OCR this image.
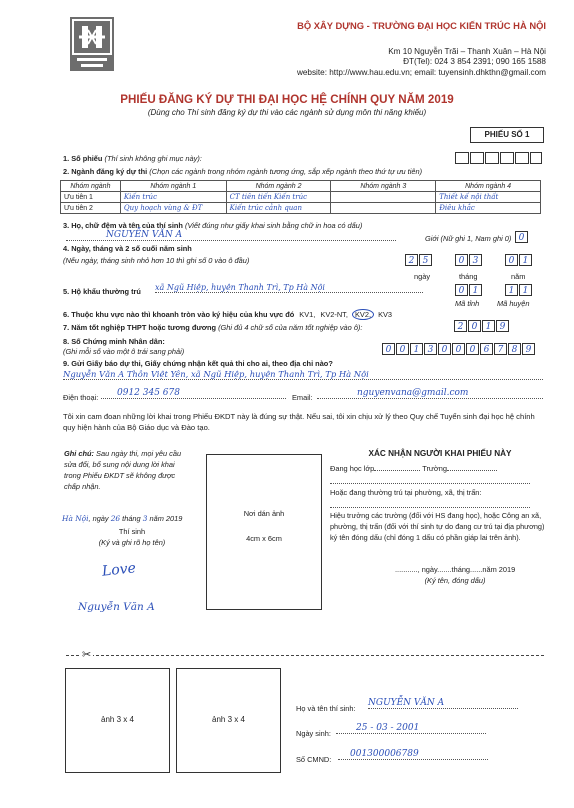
BỘ XÂY DỰNG - TRƯỜNG ĐẠI HỌC KIẾN TRÚC HÀ NỘI
Km 10 Nguyễn Trãi – Thanh Xuân – Hà Nội
ĐT(Tel): 024 3 854 2391; 090 165 1588
website: http://www.hau.edu.vn; email: tuyensinh.dhkthn@gmail.com
PHIẾU ĐĂNG KÝ DỰ THI ĐẠI HỌC HỆ CHÍNH QUY NĂM 2019
(Dùng cho Thí sinh đăng ký dự thi vào các ngành sử dụng môn thi năng khiếu)
PHIẾU SỐ 1
1. Số phiếu (Thí sinh không ghi mục này):
2. Ngành đăng ký dự thi (Chọn các ngành trong nhóm ngành tương ứng, sắp xếp ngành theo thứ tự ưu tiên)
Nhóm ngành	Nhóm ngành 1	Nhóm ngành 2	Nhóm ngành 3	Nhóm ngành 4
Ưu tiên 1	Kiến trúc	CT tiên tiến Kiến trúc		Thiết kế nội thất
Ưu tiên 2	Quy hoạch vùng & ĐT	Kiến trúc cảnh quan		Điêu khắc
3. Họ, chữ đệm và tên của thí sinh (Viết đúng như giấy khai sinh bằng chữ in hoa có dấu)
NGUYỄN VĂN A	Giới (Nữ ghi 1, Nam ghi 0) 0
4. Ngày, tháng và 2 số cuối năm sinh
(Nếu ngày, tháng sinh nhỏ hơn 10 thì ghi số 0 vào ô đầu)	2 5	0 3	0 1
ngày	tháng	năm
5. Hộ khẩu thường trú xã Ngũ Hiệp, huyện Thanh Trì, Tp Hà Nội	0 1	1 1
Mã tỉnh Mã huyện
6. Thuộc khu vực nào thì khoanh tròn vào ký hiệu của khu vực đó KV1, KV2-NT, KV2, KV3
7. Năm tốt nghiệp THPT hoặc tương đương (Ghi đủ 4 chữ số của năm tốt nghiệp vào ô):	2 0 1 9
8. Số Chứng minh Nhân dân:
(Ghi mỗi số vào một ô trái sang phải)	0 0 1 3 0 0 0 6 7 8 9
9. Gửi Giấy báo dự thi, Giấy chứng nhận kết quả thi cho ai, theo địa chỉ nào?
Nguyễn Văn A Thôn Việt Yên, xã Ngũ Hiệp, huyện Thanh Trì, Tp Hà Nội
Điện thoại:	0912 345 678	Email:	nguyenvana@gmail.com
Tôi xin cam đoan những lời khai trong Phiếu ĐKDT này là đúng sự thật. Nếu sai, tôi xin chịu xử lý theo Quy chế Tuyển sinh đại học hệ chính quy hiện hành của Bộ Giáo dục và Đào tạo.
Ghi chú: Sau ngày thi, mọi yêu cầu sửa đổi, bổ sung nội dung lời khai trong Phiếu ĐKDT sẽ không được chấp nhận.
Hà Nội, ngày 26 tháng 3 năm 2019
Thí sinh
(Ký và ghi rõ họ tên)
Love
Nguyễn Văn A
Nơi dán ảnh
4cm x 6cm
XÁC NHẬN NGƯỜI KHAI PHIẾU NÀY
Đang học lớp	Trường
Hoặc đang thường trú tại phường, xã, thị trấn:
Hiệu trưởng các trường (đối với HS đang học), hoặc Công an xã, phường, thị trấn (đối với thí sinh tự do đang cư trú tại địa phương) ký tên đóng dấu (chỉ đóng 1 dấu có phần giáp lai trên ảnh).
..........., ngày.......tháng......năm 2019
(Ký tên, đóng dấu)
✂
ảnh 3 x 4	ảnh 3 x 4
Họ và tên thí sinh:
NGUYỄN VĂN A
Ngày sinh:
25 - 03 - 2001
Số CMND:
001300006789
